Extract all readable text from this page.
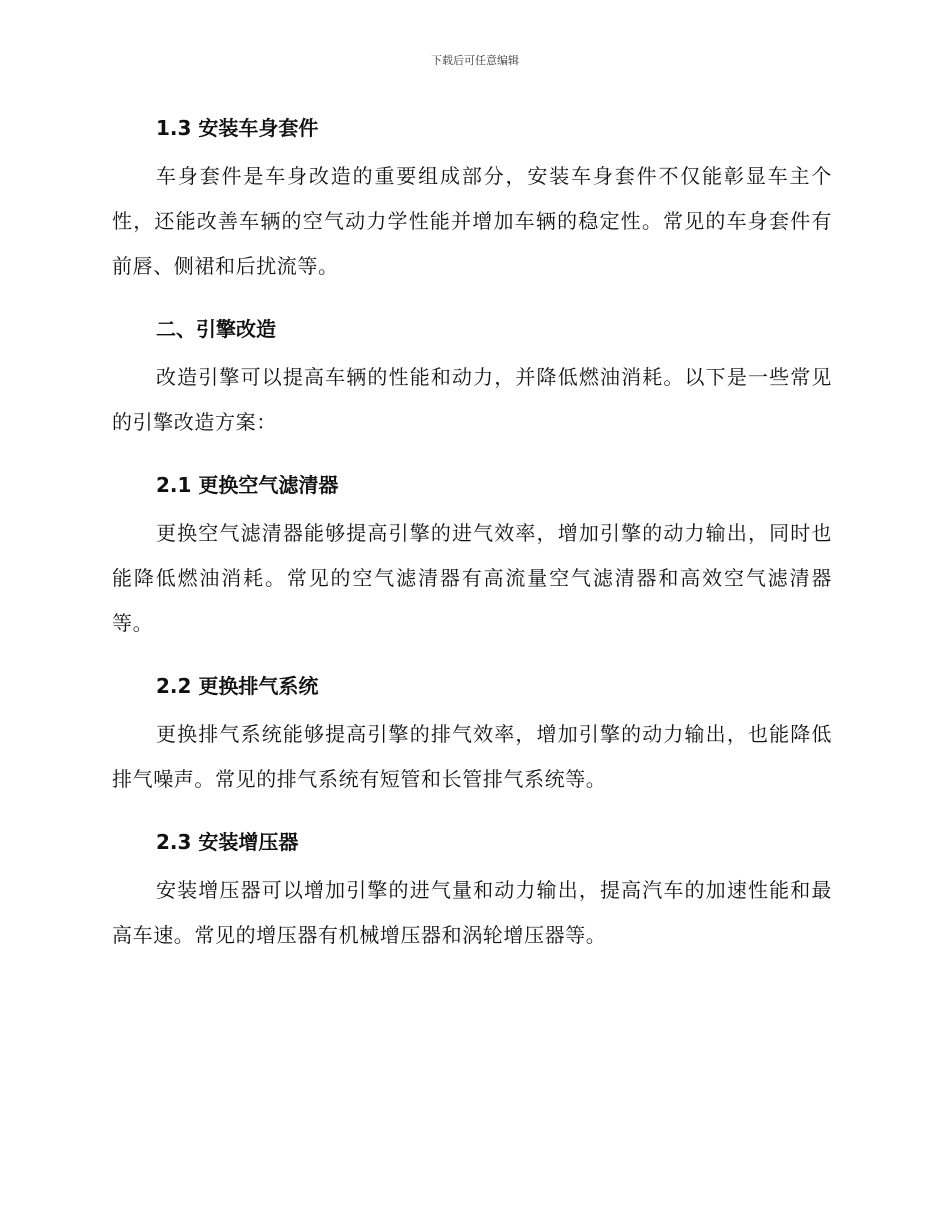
下载后可任意编辑
1.3 安装车身套件

车身套件是车身改造的重要组成部分，安装车身套件不仅能彰显车主个性，还能改善车辆的空气动力学性能并增加车辆的稳定性。常见的车身套件有前唇、侧裙和后扰流等。

二、引擎改造

改造引擎可以提高车辆的性能和动力，并降低燃油消耗。以下是一些常见的引擎改造方案：

2.1 更换空气滤清器

更换空气滤清器能够提高引擎的进气效率，增加引擎的动力输出，同时也能降低燃油消耗。常见的空气滤清器有高流量空气滤清器和高效空气滤清器等。

2.2 更换排气系统

更换排气系统能够提高引擎的排气效率，增加引擎的动力输出，也能降低排气噪声。常见的排气系统有短管和长管排气系统等。

2.3 安装增压器

安装增压器可以增加引擎的进气量和动力输出，提高汽车的加速性能和最高车速。常见的增压器有机械增压器和涡轮增压器等。
